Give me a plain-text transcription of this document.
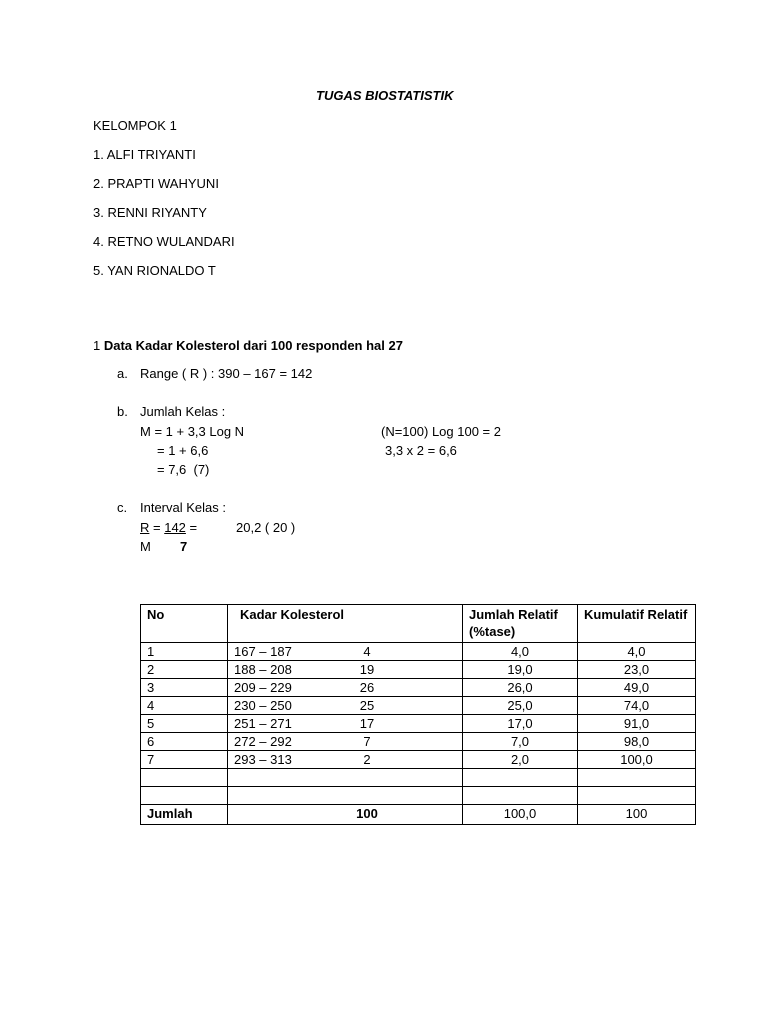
TUGAS BIOSTATISTIK
KELOMPOK 1
1. ALFI TRIYANTI
2. PRAPTI WAHYUNI
3. RENNI RIYANTY
4. RETNO WULANDARI
5. YAN RIONALDO T
1 Data Kadar Kolesterol dari 100 responden hal 27
a. Range ( R ) : 390 – 167 = 142
b. Jumlah Kelas :
M = 1 + 3,3 Log N
= 1 + 6,6
= 7,6  (7)
(N=100) Log 100 = 2
3,3 x 2 = 6,6
c. Interval Kelas :
R = 142 =	20,2 ( 20 )
M 7
No	Kadar Kolesterol	Jumlah Relatif (%tase)	Kumulatif Relatif
1	167 – 187 4	4,0	4,0
2	188 – 208 19	19,0	23,0
3	209 – 229 26	26,0	49,0
4	230 – 250 25	25,0	74,0
5	251 – 271 17	17,0	91,0
6	272 – 292 7	7,0	98,0
7	293 – 313 2	2,0	100,0

Jumlah	100	100,0	100
